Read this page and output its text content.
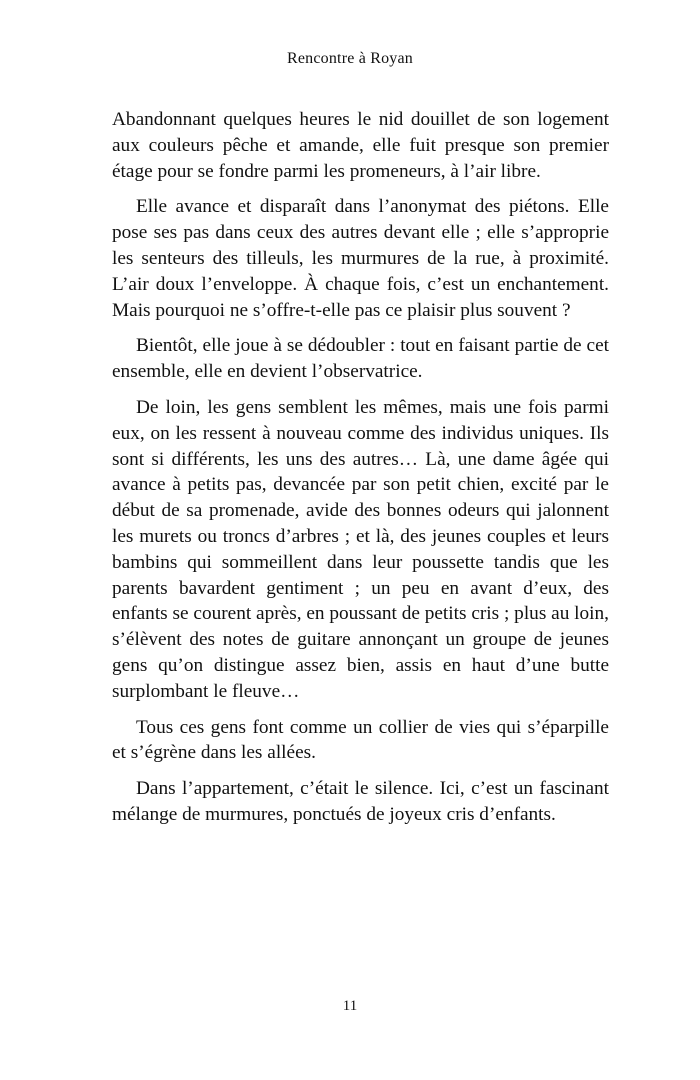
Rencontre à Royan

Abandonnant quelques heures le nid douillet de son logement aux couleurs pêche et amande, elle fuit presque son premier étage pour se fondre parmi les promeneurs, à l’air libre.

Elle avance et disparaît dans l’anonymat des piétons. Elle pose ses pas dans ceux des autres devant elle ; elle s’approprie les senteurs des tilleuls, les murmures de la rue, à proximité. L’air doux l’enveloppe. À chaque fois, c’est un enchantement. Mais pourquoi ne s’offre-t-elle pas ce plaisir plus souvent ?

Bientôt, elle joue à se dédoubler : tout en faisant partie de cet ensemble, elle en devient l’observatrice.

De loin, les gens semblent les mêmes, mais une fois parmi eux, on les ressent à nouveau comme des individus uniques. Ils sont si différents, les uns des autres… Là, une dame âgée qui avance à petits pas, devancée par son petit chien, excité par le début de sa promenade, avide des bonnes odeurs qui jalonnent les murets ou troncs d’arbres ; et là, des jeunes couples et leurs bambins qui sommeillent dans leur poussette tandis que les parents bavardent gentiment ; un peu en avant d’eux, des enfants se courent après, en poussant de petits cris ; plus au loin, s’élèvent des notes de guitare annonçant un groupe de jeunes gens qu’on distingue assez bien, assis en haut d’une butte surplombant le fleuve…

Tous ces gens font comme un collier de vies qui s’éparpille et s’égrène dans les allées.

Dans l’appartement, c’était le silence. Ici, c’est un fascinant mélange de murmures, ponctués de joyeux cris d’enfants.

11
